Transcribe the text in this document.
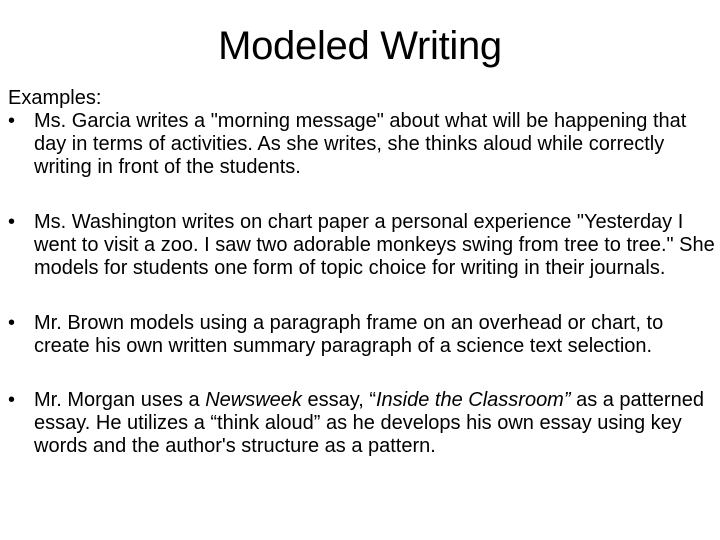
Modeled Writing

Examples:

• Ms. Garcia writes a "morning message" about what will be happening that day in terms of activities. As she writes, she thinks aloud while correctly writing in front of the students.

• Ms. Washington writes on chart paper a personal experience "Yesterday I went to visit a zoo. I saw two adorable monkeys swing from tree to tree." She models for students one form of topic choice for writing in their journals.

• Mr. Brown models using a paragraph frame on an overhead or chart, to create his own written summary paragraph of a science text selection.

• Mr. Morgan uses a Newsweek essay, “Inside the Classroom” as a patterned essay. He utilizes a “think aloud” as he develops his own essay using key words and the author's structure as a pattern.
